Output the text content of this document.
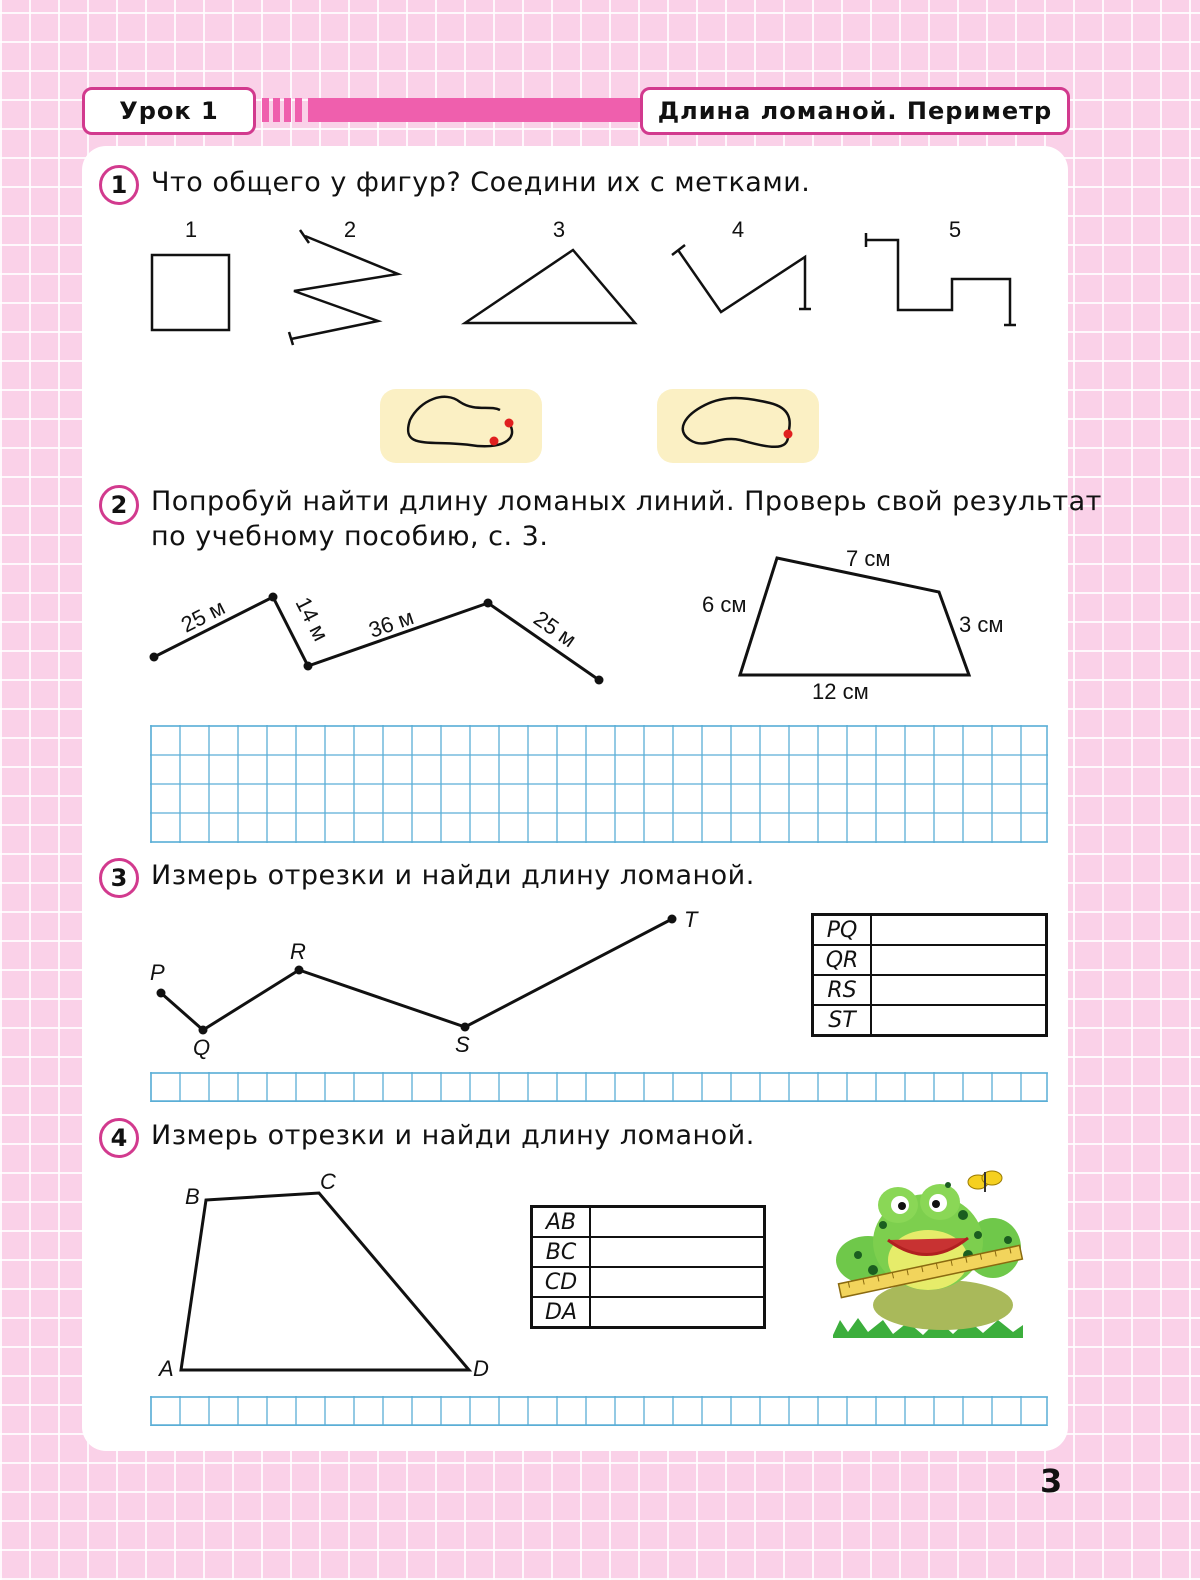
Урок 1	Длина ломаной. Периметр
1 Что общего у фигур? Соедини их с метками.
1	2	3	4	5
2 Попробуй найти длину ломаных линий. Проверь свой результат
по учебному пособию, с. 3.
25 м	14 м 36 м	25 м
7 см
6 см
3 см
12 см
3 Измерь отрезки и найди длину ломаной.
P
Q
R
S
T	PQ	
QR	
RS	
ST	
4 Измерь отрезки и найди длину ломаной.
A
B
C
D
AB	
BC	
CD	
DA	
3
